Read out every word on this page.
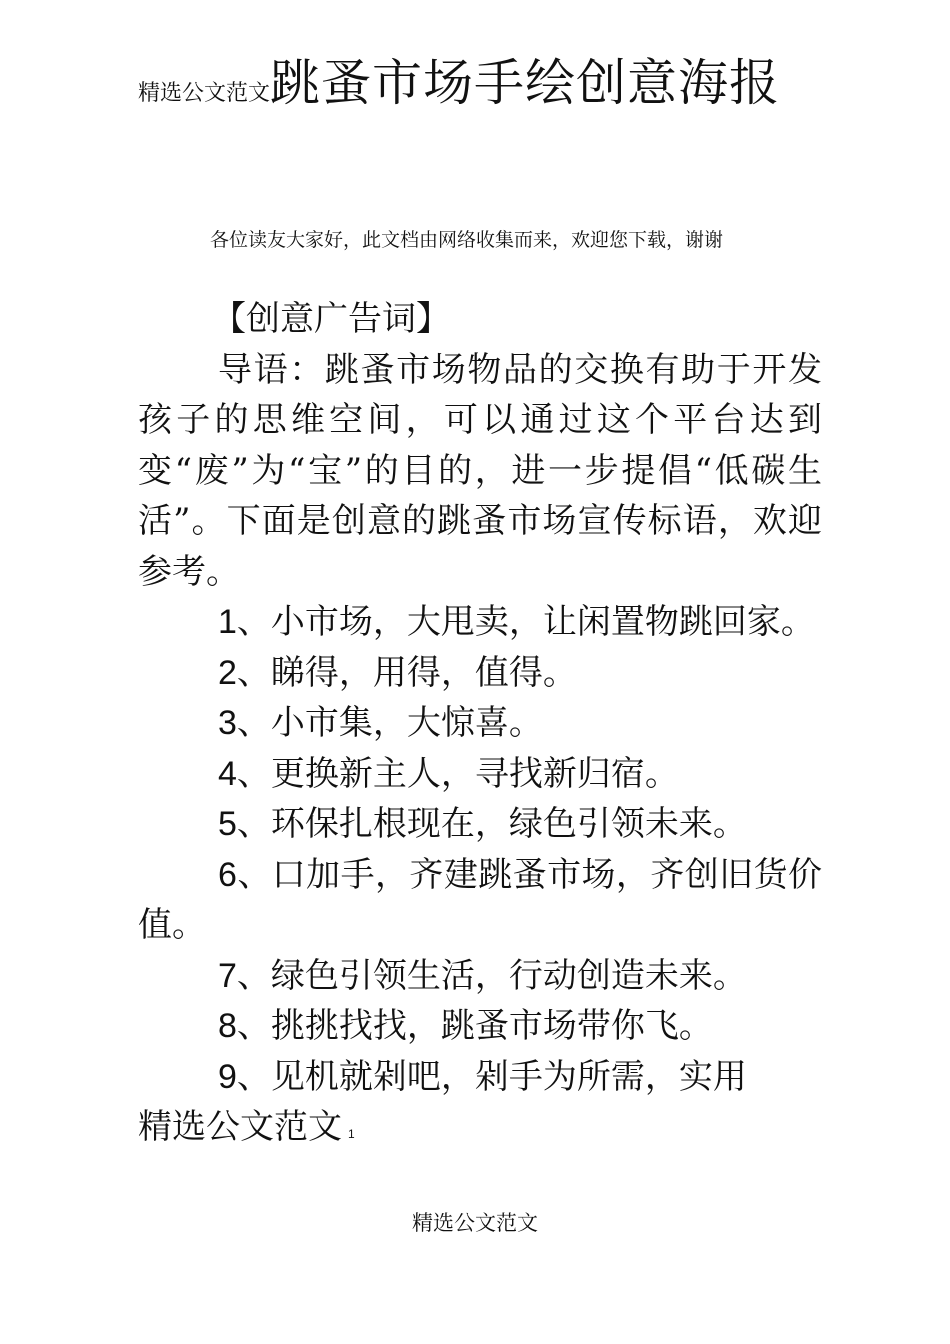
精选公文范文跳蚤市场手绘创意海报
各位读友大家好，此文档由网络收集而来，欢迎您下载，谢谢

【创意广告词】

导语：跳蚤市场物品的交换有助于开发孩子的思维空间，可以通过这个平台达到变“废”为“宝”的目的，进一步提倡“低碳生活”。下面是创意的跳蚤市场宣传标语，欢迎参考。

1、小市场，大甩卖，让闲置物跳回家。

2、睇得，用得，值得。

3、小市集，大惊喜。

4、更换新主人，寻找新归宿。

5、环保扎根现在，绿色引领未来。

6、口加手，齐建跳蚤市场，齐创旧货价值。

7、绿色引领生活，行动创造未来。

8、挑挑找找，跳蚤市场带你飞。

9、见机就剁吧，剁手为所需，实用

精选公文范文 1

精选公文范文
